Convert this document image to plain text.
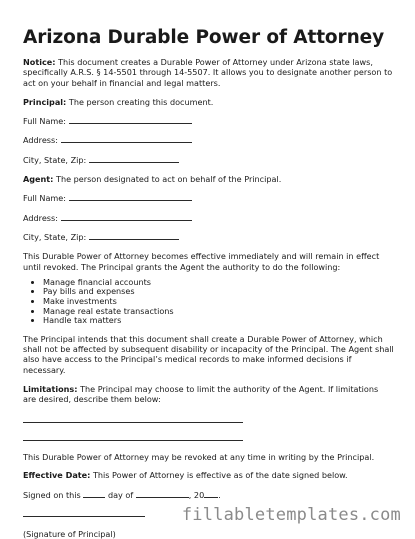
Arizona Durable Power of Attorney

Notice: This document creates a Durable Power of Attorney under Arizona state laws, specifically A.R.S. § 14-5501 through 14-5507. It allows you to designate another person to act on your behalf in financial and legal matters.

Principal: The person creating this document.

Full Name:

Address:

City, State, Zip:

Agent: The person designated to act on behalf of the Principal.

Full Name:

Address:

City, State, Zip:

This Durable Power of Attorney becomes effective immediately and will remain in effect until revoked. The Principal grants the Agent the authority to do the following:

• Manage financial accounts
• Pay bills and expenses
• Make investments
• Manage real estate transactions
• Handle tax matters

The Principal intends that this document shall create a Durable Power of Attorney, which shall not be affected by subsequent disability or incapacity of the Principal. The Agent shall also have access to the Principal’s medical records to make informed decisions if necessary.

Limitations: The Principal may choose to limit the authority of the Agent. If limitations are desired, describe them below:

This Durable Power of Attorney may be revoked at any time in writing by the Principal.

Effective Date: This Power of Attorney is effective as of the date signed below.

Signed on this	day of	, 20 .

(Signature of Principal)

fillabletemplates.com
